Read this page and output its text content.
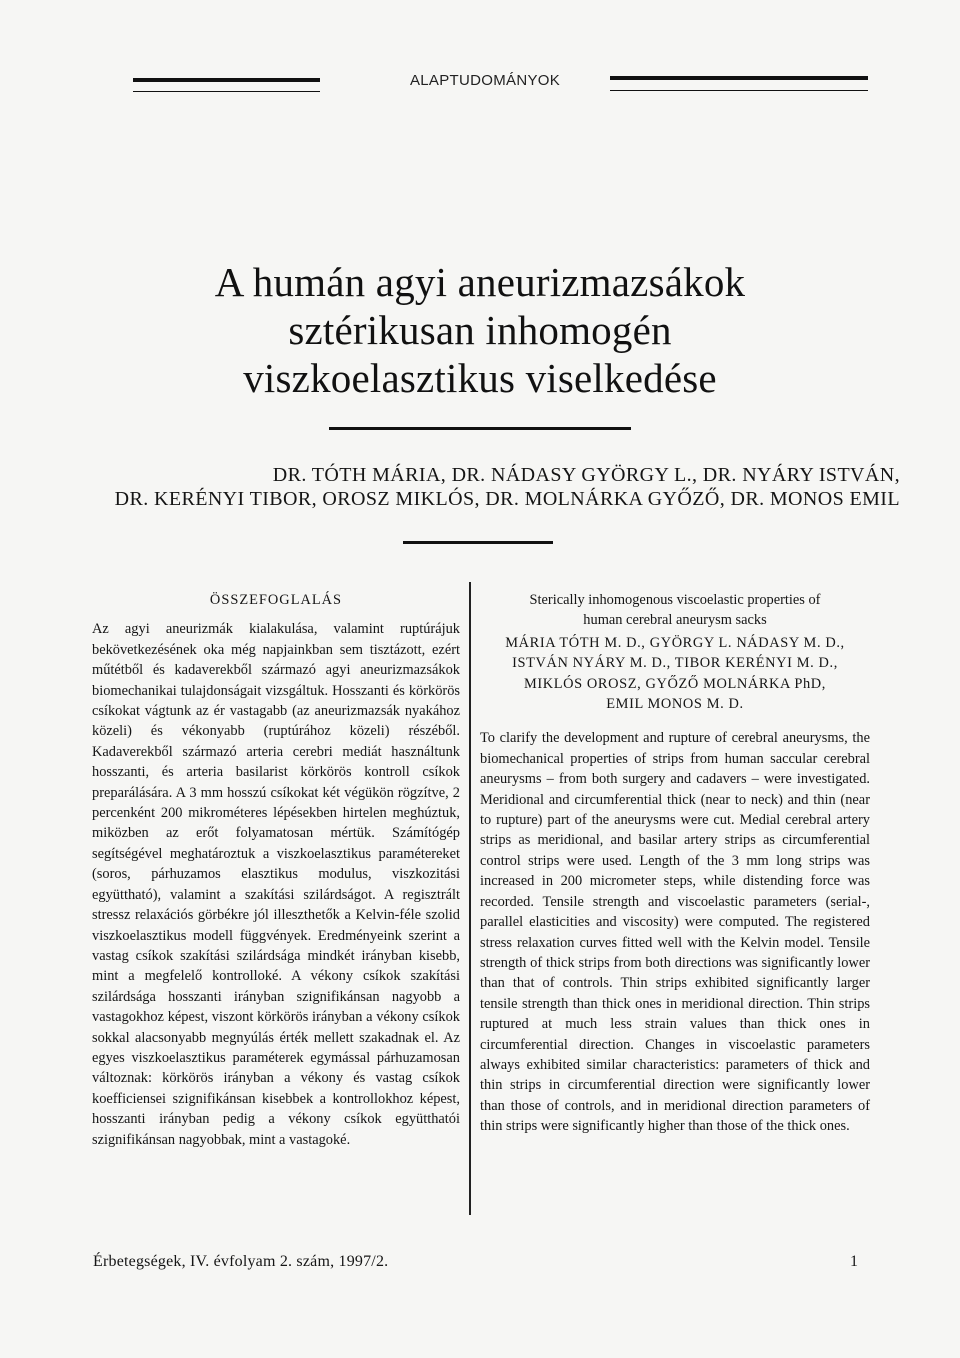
ALAPTUDOMÁNYOK
A humán agyi aneurizmazsákok
sztérikusan inhomogén
viszkoelasztikus viselkedése
DR. TÓTH MÁRIA, DR. NÁDASY GYÖRGY L., DR. NYÁRY ISTVÁN,
DR. KERÉNYI TIBOR, OROSZ MIKLÓS, DR. MOLNÁRKA GYŐZŐ, DR. MONOS EMIL
ÖSSZEFOGLALÁS

Az agyi aneurizmák kialakulása, valamint ruptúrájuk bekövetkezésének oka még napjainkban sem tisztázott, ezért műtétből és kadaverekből származó agyi aneurizmazsákok biomechanikai tulajdonságait vizsgáltuk. Hosszanti és körkörös csíkokat vágtunk az ér vastagabb (az aneurizmazsák nyakához közeli) és vékonyabb (ruptúrához közeli) részéből. Kadaverekből származó arteria cerebri mediát használtunk hosszanti, és arteria basilarist körkörös kontroll csíkok preparálására. A 3 mm hosszú csíkokat két végükön rögzítve, 2 percenként 200 mikrométeres lépésekben hirtelen meghúztuk, miközben az erőt folyamatosan mértük. Számítógép segítségével meghatároztuk a viszkoelasztikus paramétereket (soros, párhuzamos elasztikus modulus, viszkozitási együttható), valamint a szakítási szilárdságot. A regisztrált stressz relaxációs görbékre jól illeszthetők a Kelvin-féle szolid viszkoelasztikus modell függvények. Eredményeink szerint a vastag csíkok szakítási szilárdsága mindkét irányban kisebb, mint a megfelelő kontrolloké. A vékony csíkok szakítási szilárdsága hosszanti irányban szignifikánsan nagyobb a vastagokhoz képest, viszont körkörös irányban a vékony csíkok sokkal alacsonyabb megnyúlás érték mellett szakadnak el. Az egyes viszkoelasztikus paraméterek egymással párhuzamosan változnak: körkörös irányban a vékony és vastag csíkok koefficiensei szignifikánsan kisebbek a kontrollokhoz képest, hosszanti irányban pedig a vékony csíkok együtthatói szignifikánsan nagyobbak, mint a vastagoké.

Sterically inhomogenous viscoelastic properties of
human cerebral aneurysm sacks
MÁRIA TÓTH M. D., GYÖRGY L. NÁDASY M. D.,
ISTVÁN NYÁRY M. D., TIBOR KERÉNYI M. D.,
MIKLÓS OROSZ, GYŐZŐ MOLNÁRKA PhD,
EMIL MONOS M. D.

To clarify the development and rupture of cerebral aneurysms, the biomechanical properties of strips from human saccular cerebral aneurysms – from both surgery and cadavers – were investigated. Meridional and circumferential thick (near to neck) and thin (near to rupture) part of the aneurysms were cut. Medial cerebral artery strips as meridional, and basilar artery strips as circumferential control strips were used. Length of the 3 mm long strips was increased in 200 micrometer steps, while distending force was recorded. Tensile strength and viscoelastic parameters (serial-, parallel elasticities and viscosity) were computed. The registered stress relaxation curves fitted well with the Kelvin model. Tensile strength of thick strips from both directions was significantly lower than that of controls. Thin strips exhibited significantly larger tensile strength than thick ones in meridional direction. Thin strips ruptured at much less strain values than thick ones in circumferential direction. Changes in viscoelastic parameters always exhibited similar characteristics: parameters of thick and thin strips in circumferential direction were significantly lower than those of controls, and in meridional direction parameters of thin strips were significantly higher than those of the thick ones.

Érbetegségek, IV. évfolyam 2. szám, 1997/2.	1
